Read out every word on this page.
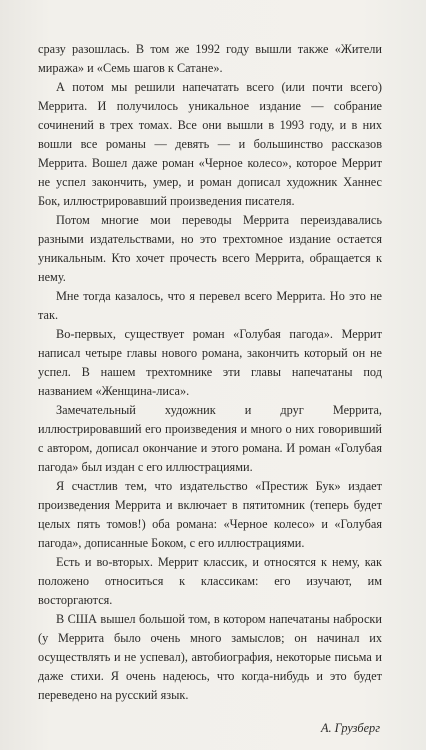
сразу разошлась. В том же 1992 году вышли также «Жители миража» и «Семь шагов к Сатане».

А потом мы решили напечатать всего (или почти всего) Меррита. И получилось уникальное издание — собрание сочинений в трех томах. Все они вышли в 1993 году, и в них вошли все романы — девять — и большинство рассказов Меррита. Вошел даже роман «Черное колесо», которое Меррит не успел закончить, умер, и роман дописал художник Ханнес Бок, иллюстрировавший произведения писателя.

Потом многие мои переводы Меррита переиздавались разными издательствами, но это трехтомное издание остается уникальным. Кто хочет прочесть всего Меррита, обращается к нему.

Мне тогда казалось, что я перевел всего Меррита. Но это не так.

Во-первых, существует роман «Голубая пагода». Меррит написал четыре главы нового романа, закончить который он не успел. В нашем трехтомнике эти главы напечатаны под названием «Женщина-лиса».

Замечательный художник и друг Меррита, иллюстрировавший его произведения и много о них говоривший с автором, дописал окончание и этого романа. И роман «Голубая пагода» был издан с его иллюстрациями.

Я счастлив тем, что издательство «Престиж Бук» издает произведения Меррита и включает в пятитомник (теперь будет целых пять томов!) оба романа: «Черное колесо» и «Голубая пагода», дописанные Боком, с его иллюстрациями.

Есть и во-вторых. Меррит классик, и относятся к нему, как положено относиться к классикам: его изучают, им восторгаются.

В США вышел большой том, в котором напечатаны наброски (у Меррита было очень много замыслов; он начинал их осуществлять и не успевал), автобиография, некоторые письма и даже стихи. Я очень надеюсь, что когда-нибудь и это будет переведено на русский язык.

А. Грузберг
